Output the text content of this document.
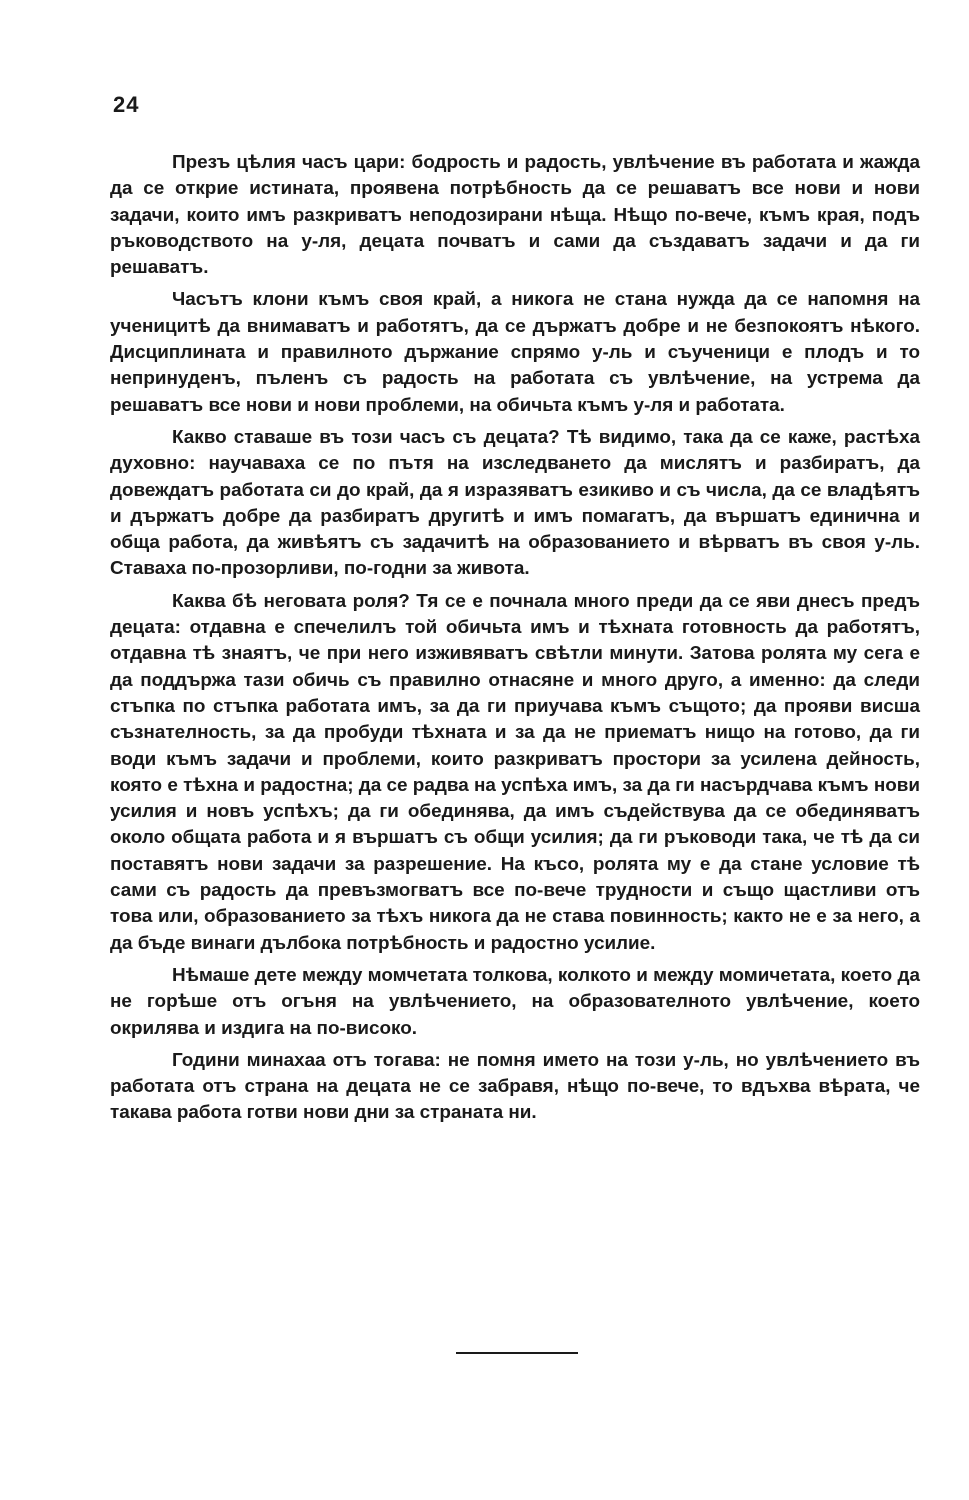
24

Презъ цѣлия часъ цари: бодрость и радость, увлѣчение въ работата и жажда да се открие истината, проявена потрѣбность да се решаватъ все нови и нови задачи, които имъ разкриватъ неподозирани нѣща. Нѣщо по-вече, къмъ края, подъ ръководството на у-ля, децата почватъ и сами да създаватъ задачи и да ги решаватъ.

Часътъ клони къмъ своя край, а никога не стана нужда да се напомня на ученицитѣ да внимаватъ и работятъ, да се държатъ добре и не безпокоятъ нѣкого. Дисциплината и правилното държание спрямо у-ль и съученици е плодъ и то непринуденъ, пъленъ съ радость на работата съ увлѣчение, на устрема да решаватъ все нови и нови проблеми, на обичьта къмъ у-ля и работата.

Какво ставаше въ този часъ съ децата? Тѣ видимо, така да се каже, растѣха духовно: научаваха се по пътя на изследването да мислятъ и разбиратъ, да довеждатъ работата си до край, да я изразяватъ езикиво и съ числа, да се владѣятъ и държатъ добре да разбиратъ другитѣ и имъ помагатъ, да вършатъ единична и обща работа, да живѣятъ съ задачитѣ на образованието и вѣрватъ въ своя у-ль. Ставаха по-прозорливи, по-годни за живота.

Каква бѣ неговата роля? Тя се е почнала много преди да се яви днесъ предъ децата: отдавна е спечелилъ той обичьта имъ и тѣхната готовность да работятъ, отдавна тѣ знаятъ, че при него изживяватъ свѣтли минути. Затова ролята му сега е да поддържа тази обичь съ правилно отнасяне и много друго, а именно: да следи стъпка по стъпка работата имъ, за да ги приучава къмъ същото; да прояви висша съзнателность, за да пробуди тѣхната и за да не приематъ нищо на готово, да ги води къмъ задачи и проблеми, които разкриватъ простори за усилена дейность, която е тѣхна и радостна; да се радва на успѣха имъ, за да ги насърдчава къмъ нови усилия и новъ успѣхъ; да ги обединява, да имъ съдействува да се обединяватъ около общата работа и я вършатъ съ общи усилия; да ги ръководи така, че тѣ да си поставятъ нови задачи за разрешение. На късо, ролята му е да стане условие тѣ сами съ радость да превъзмогватъ все по-вече трудности и също щастливи отъ това или, образованието за тѣхъ никога да не става повинность; както не е за него, а да бъде винаги дълбока потрѣбность и радостно усилие.

Нѣмаше дете между момчетата толкова, колкото и между момичетата, което да не горѣше отъ огъня на увлѣчението, на образователното увлѣчение, което окрилява и издига на по-високо.

Години минахаа отъ тогава: не помня името на този у-ль, но увлѣчението въ работата отъ страна на децата не се забравя, нѣщо по-вече, то вдъхва вѣрата, че такава работа готви нови дни за страната ни.
